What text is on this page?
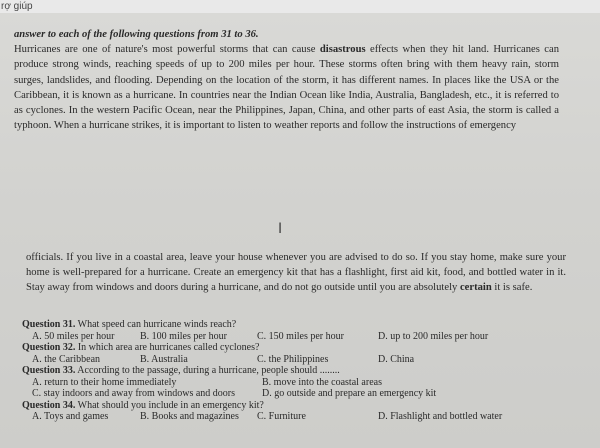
rợ giúp
answer to each of the following questions from 31 to 36.
Hurricanes are one of nature's most powerful storms that can cause disastrous effects when they hit land. Hurricanes can produce strong winds, reaching speeds of up to 200 miles per hour. These storms often bring with them heavy rain, storm surges, landslides, and flooding. Depending on the location of the storm, it has different names. In places like the USA or the Caribbean, it is known as a hurricane. In countries near the Indian Ocean like India, Australia, Bangladesh, etc., it is referred to as cyclones. In the western Pacific Ocean, near the Philippines, Japan, China, and other parts of east Asia, the storm is called a typhoon. When a hurricane strikes, it is important to listen to weather reports and follow the instructions of emergency
I
officials. If you live in a coastal area, leave your house whenever you are advised to do so. If you stay home, make sure your home is well-prepared for a hurricane. Create an emergency kit that has a flashlight, first aid kit, food, and bottled water in it. Stay away from windows and doors during a hurricane, and do not go outside until you are absolutely certain it is safe.
Question 31. What speed can hurricane winds reach?
A. 50 miles per hour	B. 100 miles per hour	C. 150 miles per hour	D. up to 200 miles per hour
Question 32. In which area are hurricanes called cyclones?
A. the Caribbean	B. Australia	C. the Philippines	D. China
Question 33. According to the passage, during a hurricane, people should ........
A. return to their home immediately	B. move into the coastal areas
C. stay indoors and away from windows and doors	D. go outside and prepare an emergency kit
Question 34. What should you include in an emergency kit?
A. Toys and games	B. Books and magazines C. Furniture	D. Flashlight and bottled water
